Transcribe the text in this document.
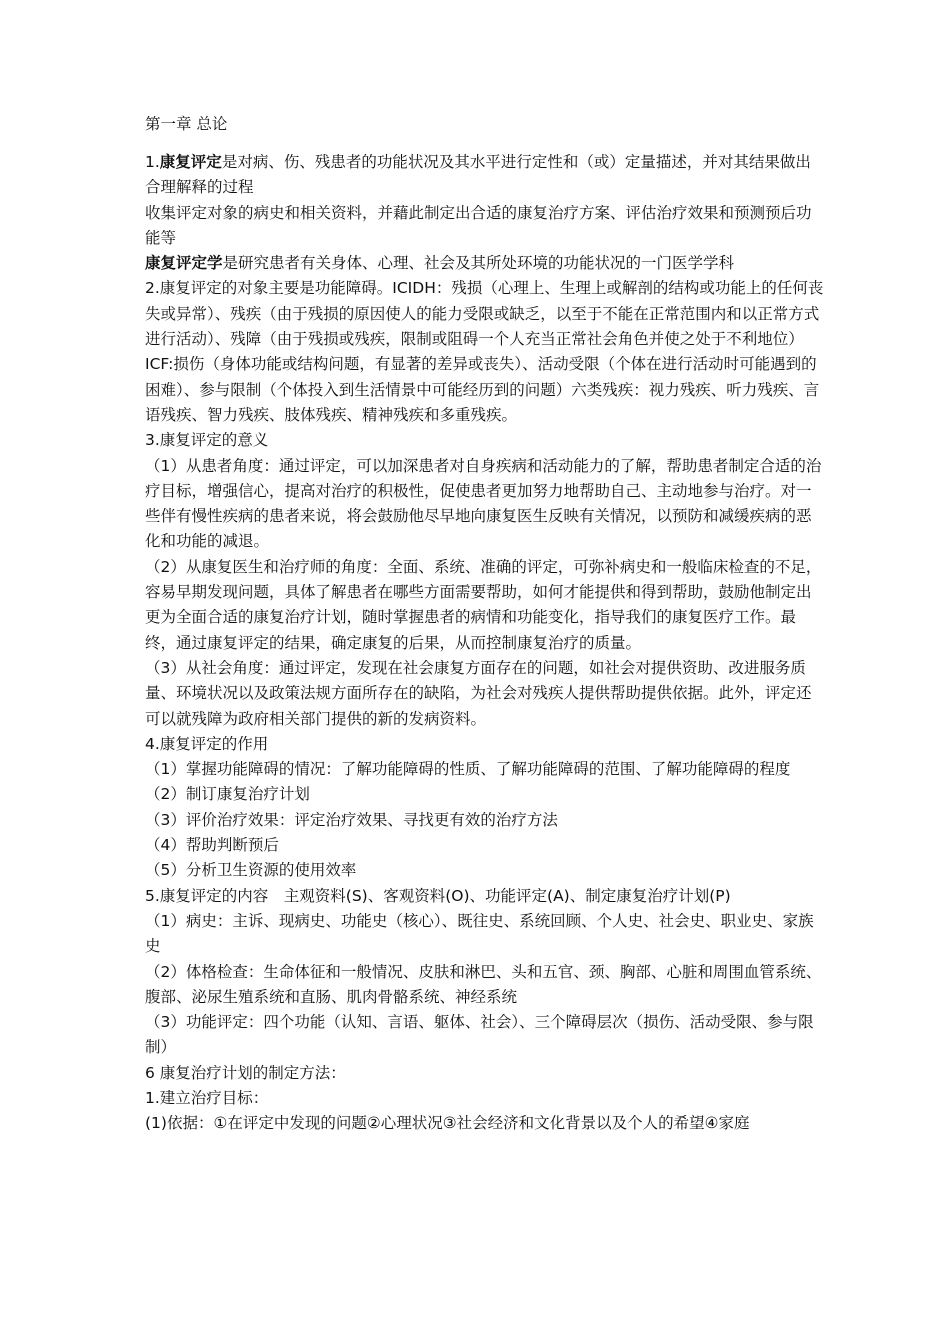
第一章 总论
1.康复评定是对病、伤、残患者的功能状况及其水平进行定性和（或）定量描述，并对其结果做出合理解释的过程
收集评定对象的病史和相关资料，并藉此制定出合适的康复治疗方案、评估治疗效果和预测预后功能等
康复评定学是研究患者有关身体、心理、社会及其所处环境的功能状况的一门医学学科
2.康复评定的对象主要是功能障碍。ICIDH：残损（心理上、生理上或解剖的结构或功能上的任何丧失或异常）、残疾（由于残损的原因使人的能力受限或缺乏，以至于不能在正常范围内和以正常方式进行活动）、残障（由于残损或残疾，限制或阻碍一个人充当正常社会角色并使之处于不利地位）ICF:损伤（身体功能或结构问题，有显著的差异或丧失）、活动受限（个体在进行活动时可能遇到的困难）、参与限制（个体投入到生活情景中可能经历到的问题）六类残疾：视力残疾、听力残疾、言语残疾、智力残疾、肢体残疾、精神残疾和多重残疾。
3.康复评定的意义
（1）从患者角度：通过评定，可以加深患者对自身疾病和活动能力的了解，帮助患者制定合适的治疗目标，增强信心，提高对治疗的积极性，促使患者更加努力地帮助自己、主动地参与治疗。对一些伴有慢性疾病的患者来说，将会鼓励他尽早地向康复医生反映有关情况，以预防和减缓疾病的恶化和功能的减退。
（2）从康复医生和治疗师的角度：全面、系统、准确的评定，可弥补病史和一般临床检查的不足，容易早期发现问题，具体了解患者在哪些方面需要帮助，如何才能提供和得到帮助，鼓励他制定出更为全面合适的康复治疗计划，随时掌握患者的病情和功能变化，指导我们的康复医疗工作。最终，通过康复评定的结果，确定康复的后果，从而控制康复治疗的质量。
（3）从社会角度：通过评定，发现在社会康复方面存在的问题，如社会对提供资助、改进服务质量、环境状况以及政策法规方面所存在的缺陷，为社会对残疾人提供帮助提供依据。此外，评定还可以就残障为政府相关部门提供的新的发病资料。
4.康复评定的作用
（1）掌握功能障碍的情况：了解功能障碍的性质、了解功能障碍的范围、了解功能障碍的程度
（2）制订康复治疗计划
（3）评价治疗效果：评定治疗效果、寻找更有效的治疗方法
（4）帮助判断预后
（5）分析卫生资源的使用效率
5.康复评定的内容　主观资料(S)、客观资料(O)、功能评定(A)、制定康复治疗计划(P)
（1）病史：主诉、现病史、功能史（核心）、既往史、系统回顾、个人史、社会史、职业史、家族史
（2）体格检查：生命体征和一般情况、皮肤和淋巴、头和五官、颈、胸部、心脏和周围血管系统、腹部、泌尿生殖系统和直肠、肌肉骨骼系统、神经系统
（3）功能评定：四个功能（认知、言语、躯体、社会）、三个障碍层次（损伤、活动受限、参与限制）
6 康复治疗计划的制定方法：
1.建立治疗目标：
(1)依据：①在评定中发现的问题②心理状况③社会经济和文化背景以及个人的希望④家庭
